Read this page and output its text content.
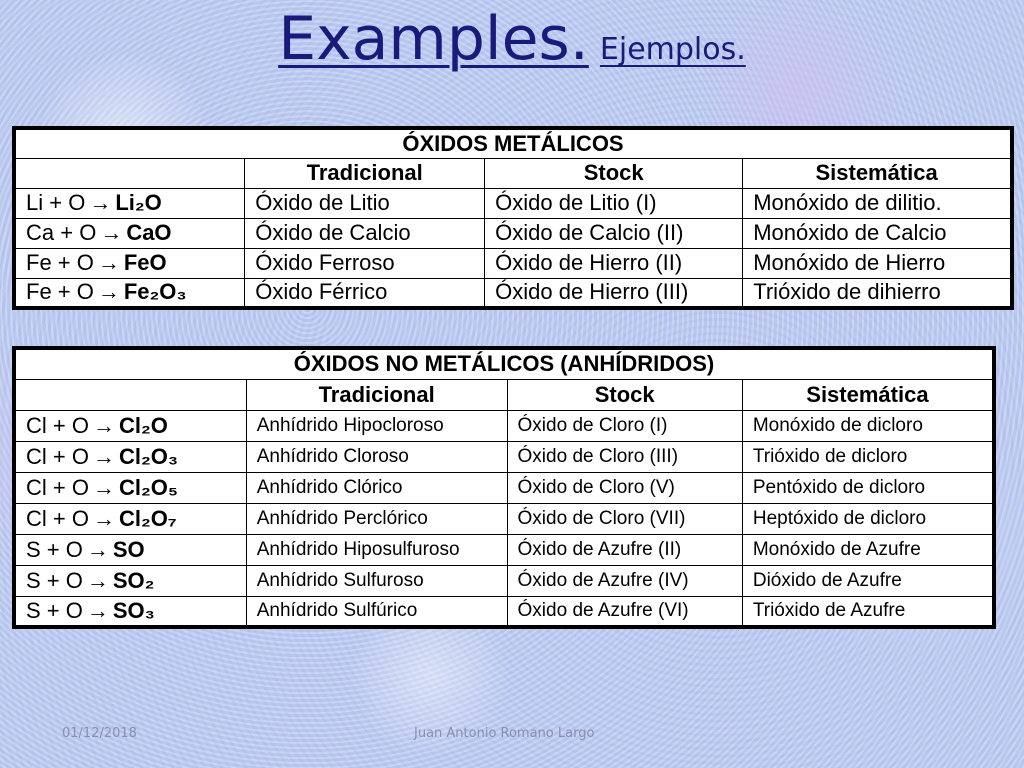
Examples. Ejemplos.
ÓXIDOS METÁLICOS			
	Tradicional	Stock	Sistemática
Li + O → Li₂O	Óxido de Litio	Óxido de Litio (I)	Monóxido de dilitio.
Ca + O → CaO	Óxido de Calcio	Óxido de Calcio (II)	Monóxido de Calcio
Fe + O → FeO	Óxido Ferroso	Óxido de Hierro (II)	Monóxido de Hierro
Fe + O → Fe₂O₃	Óxido Férrico	Óxido de Hierro (III)	Trióxido de dihierro
ÓXIDOS NO METÁLICOS (ANHÍDRIDOS)			
	Tradicional	Stock	Sistemática
Cl + O → Cl₂O	Anhídrido Hipocloroso	Óxido de Cloro (I)	Monóxido de dicloro
Cl + O → Cl₂O₃	Anhídrido Cloroso	Óxido de Cloro (III)	Trióxido de dicloro
Cl + O → Cl₂O₅	Anhídrido Clórico	Óxido de Cloro (V)	Pentóxido de dicloro
Cl + O → Cl₂O₇	Anhídrido Perclórico	Óxido de Cloro (VII)	Heptóxido de dicloro
S + O → SO	Anhídrido Hiposulfuroso	Óxido de Azufre (II)	Monóxido de Azufre
S + O → SO₂	Anhídrido Sulfuroso	Óxido de Azufre (IV)	Dióxido de Azufre
S + O → SO₃	Anhídrido Sulfúrico	Óxido de Azufre (VI)	Trióxido de Azufre
01/12/2018	Juan Antonio Romano Largo
